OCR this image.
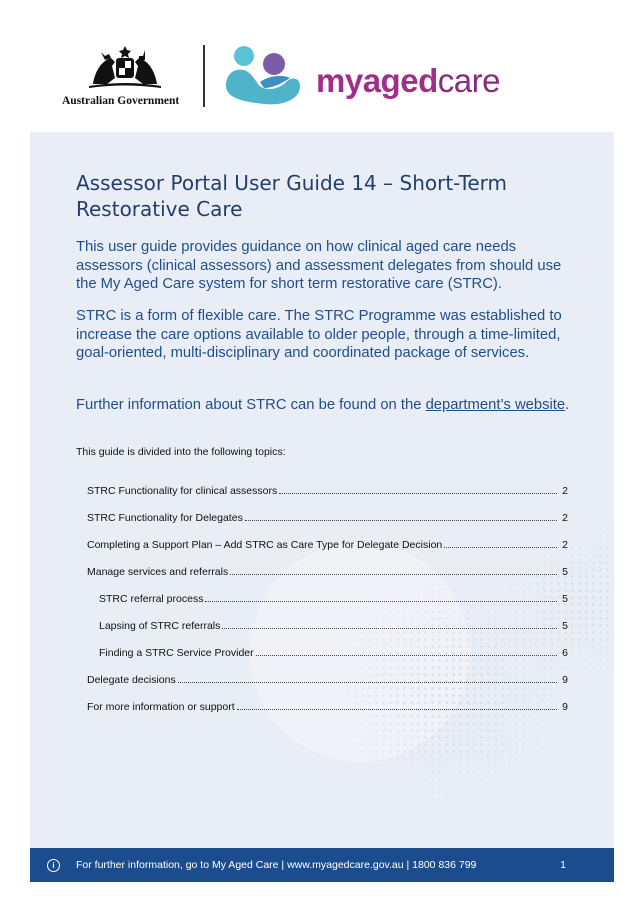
Australian Government
myagedcare
Assessor Portal User Guide 14 – Short-Term Restorative Care
This user guide provides guidance on how clinical aged care needs assessors (clinical assessors) and assessment delegates from should use the My Aged Care system for short term restorative care (STRC).
STRC is a form of flexible care. The STRC Programme was established to increase the care options available to older people, through a time-limited, goal-oriented, multi-disciplinary and coordinated package of services.
Further information about STRC can be found on the department’s website.
This guide is divided into the following topics:
STRC Functionality for clinical assessors	2
STRC Functionality for Delegates	2
Completing a Support Plan – Add STRC as Care Type for Delegate Decision	2
Manage services and referrals	5
STRC referral process	5
Lapsing of STRC referrals	5
Finding a STRC Service Provider	6
Delegate decisions	9
For more information or support	9
i	For further information, go to My Aged Care | www.myagedcare.gov.au | 1800 836 799	1
